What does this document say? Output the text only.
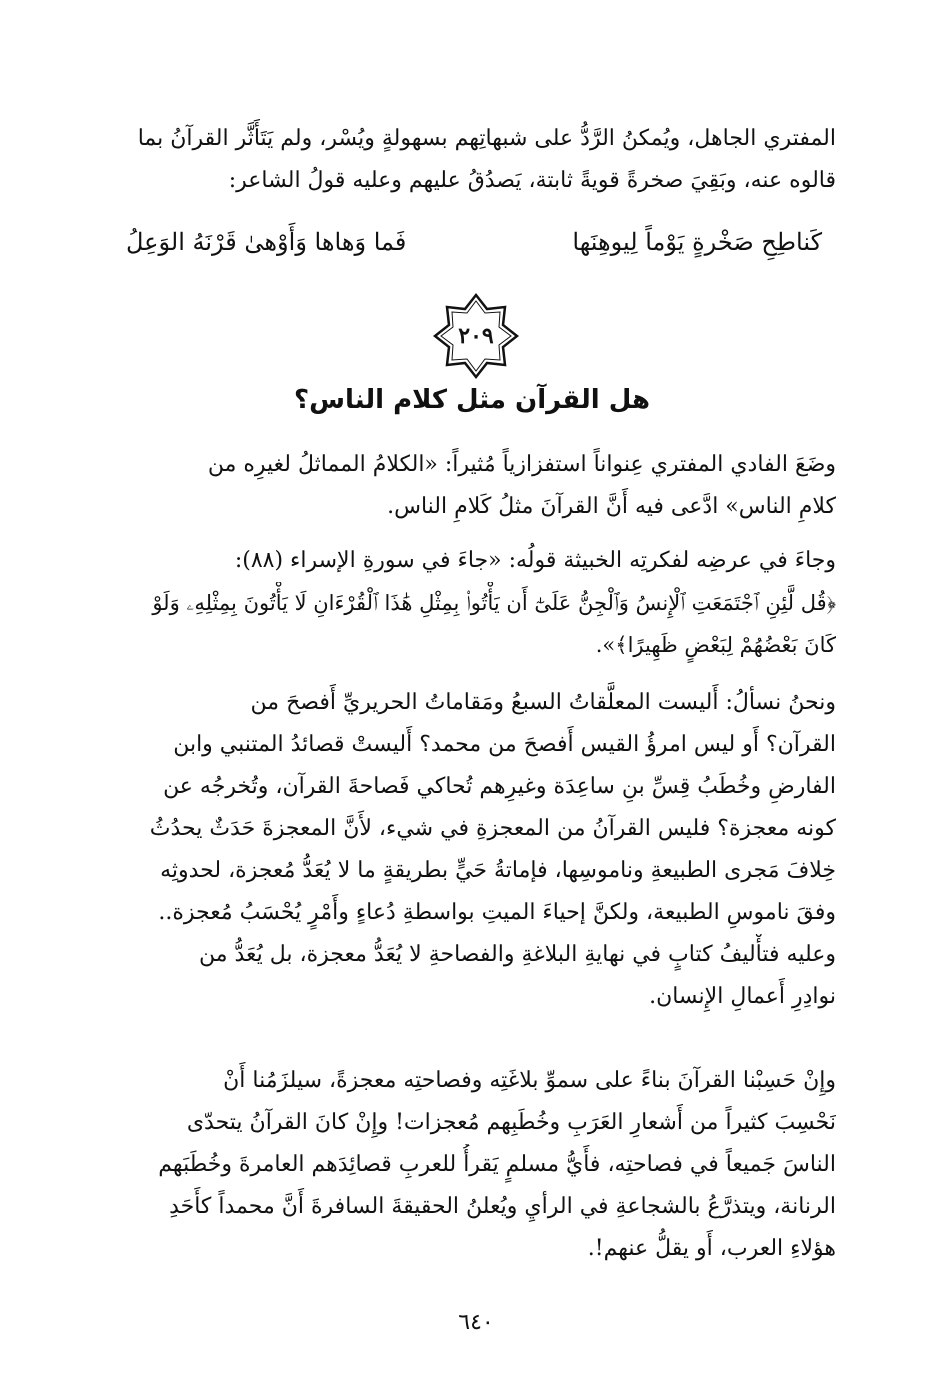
المفتري الجاهل، ويُمكنُ الرَّدُّ على شبهاتِهم بسهولةٍ ويُسْر، ولم يَتَأَثَّر القرآنُ بما
قالوه عنه، وبَقِيَ صخرةً قويةً ثابتة، يَصدُقُ عليهم وعليه قولُ الشاعر:
كَناطِحِ صَخْرةٍ يَوْماً لِيوهِنَها
فَما وَهاها وَأَوْهىٰ قَرْنَهُ الوَعِلُ
٢٠٩
هل القرآن مثل كلام الناس؟
وضَعَ الفادي المفتري عِنواناً استفزازياً مُثيراً: «الكلامُ المماثلُ لغيرِه من
كلامِ الناس» ادَّعى فيه أَنَّ القرآنَ مثلُ كَلامِ الناس.
وجاءَ في عرضِه لفكرتِه الخبيثة قولُه: «جاءَ في سورةِ الإسراء (٨٨):
﴿قُل لَّئِنِ ٱجْتَمَعَتِ ٱلْإِنسُ وَٱلْجِنُّ عَلَىٰٓ أَن يَأْتُوا۟ بِمِثْلِ هَٰذَا ٱلْقُرْءَانِ لَا يَأْتُونَ بِمِثْلِهِۦ وَلَوْ
كَانَ بَعْضُهُمْ لِبَعْضٍ ظَهِيرًا﴾».
ونحنُ نسألُ: أَليست المعلَّقاتُ السبعُ ومَقاماتُ الحريريِّ أَفصحَ من
القرآن؟ أَو ليس امرؤُ القيس أَفصحَ من محمد؟ أَليستْ قصائدُ المتنبي وابن
الفارضِ وخُطَبُ قِسِّ بنِ ساعِدَة وغيرِهم تُحاكي فَصاحةَ القرآن، وتُخرجُه عن
كونه معجزة؟ فليس القرآنُ من المعجزةِ في شيء، لأَنَّ المعجزةَ حَدَثٌ يحدُثُ
خِلافَ مَجرى الطبيعةِ وناموسِها، فإماتةُ حَيٍّ بطريقةٍ ما لا يُعَدُّ مُعجزة، لحدوثِه
وفقَ ناموسِ الطبيعة، ولكنَّ إحياءَ الميتِ بواسطةِ دُعاءٍ وأَمْرٍ يُحْسَبُ مُعجزة..
وعليه فتأْليفُ كتابٍ في نهايةِ البلاغةِ والفصاحةِ لا يُعَدُّ معجزة، بل يُعَدُّ من
نوادِرِ أَعمالِ الإِنسان.
وإِنْ حَسِبْنا القرآنَ بناءً على سموِّ بلاغَتِه وفصاحتِه معجزةً، سيلزَمُنا أَنْ
نَحْسِبَ كثيراً من أَشعارِ العَرَبِ وخُطَبِهم مُعجزات! وإِنْ كانَ القرآنُ يتحدّى
الناسَ جَميعاً في فصاحتِه، فأَيُّ مسلمٍ يَقرأُ للعربِ قصائِدَهم العامرةَ وخُطَبَهم
الرنانة، ويتذرَّعُ بالشجاعةِ في الرأيِ ويُعلنُ الحقيقةَ السافرةَ أَنَّ محمداً كأَحَدِ
هؤلاءِ العرب، أَو يقلُّ عنهم!.
٦٤٠
